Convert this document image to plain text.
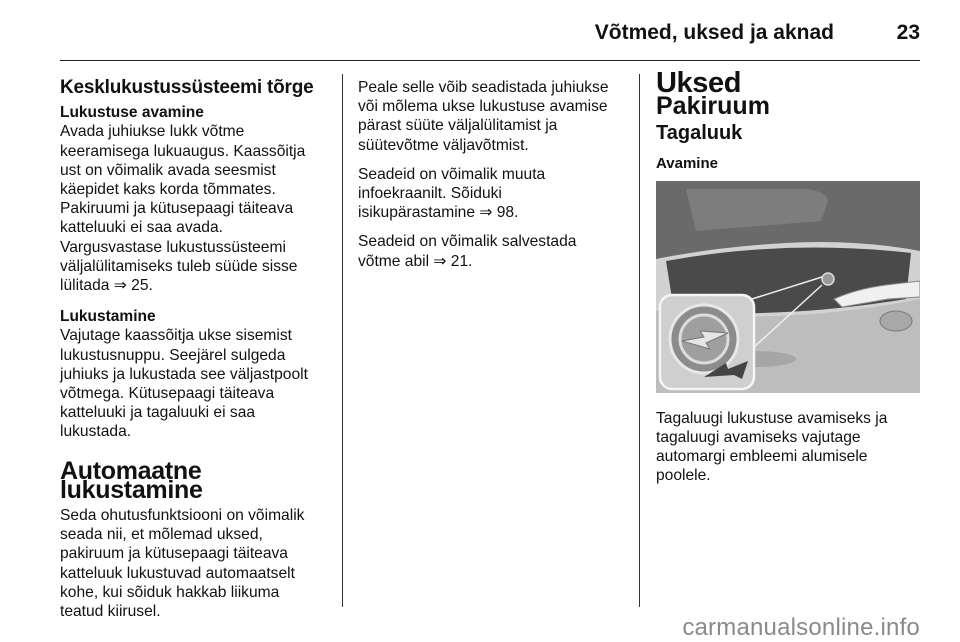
Võtmed, uksed ja aknad	23
Kesklukustussüsteemi tõrge
Lukustuse avamine
Avada juhiukse lukk võtme
keeramisega lukuaugus. Kaassõitja
ust on võimalik avada seesmist
käepidet kaks korda tõmmates.
Pakiruumi ja kütusepaagi täiteava
katteluuki ei saa avada.
Vargusvastase lukustussüsteemi
väljalülitamiseks tuleb süüde sisse
lülitada ⇒ 25.
Lukustamine
Vajutage kaassõitja ukse sisemist
lukustusnuppu. Seejärel sulgeda
juhiuks ja lukustada see väljastpoolt
võtmega. Kütusepaagi täiteava
katteluuki ja tagaluuki ei saa
lukustada.
Automaatne lukustamine
Seda ohutusfunktsiooni on võimalik
seada nii, et mõlemad uksed,
pakiruum ja kütusepaagi täiteava
katteluuk lukustuvad automaatselt
kohe, kui sõiduk hakkab liikuma
teatud kiirusel.
Peale selle võib seadistada juhiukse
või mõlema ukse lukustuse avamise
pärast süüte väljalülitamist ja
süütevõtme väljavõtmist.
Seadeid on võimalik muuta
infoekraanilt. Sõiduki
isikupärastamine ⇒ 98.
Seadeid on võimalik salvestada
võtme abil ⇒ 21.
Uksed
Pakiruum
Tagaluuk
Avamine
Tagaluugi lukustuse avamiseks ja
tagaluugi avamiseks vajutage
automargi embleemi alumisele
poolele.
carmanualsonline.info
